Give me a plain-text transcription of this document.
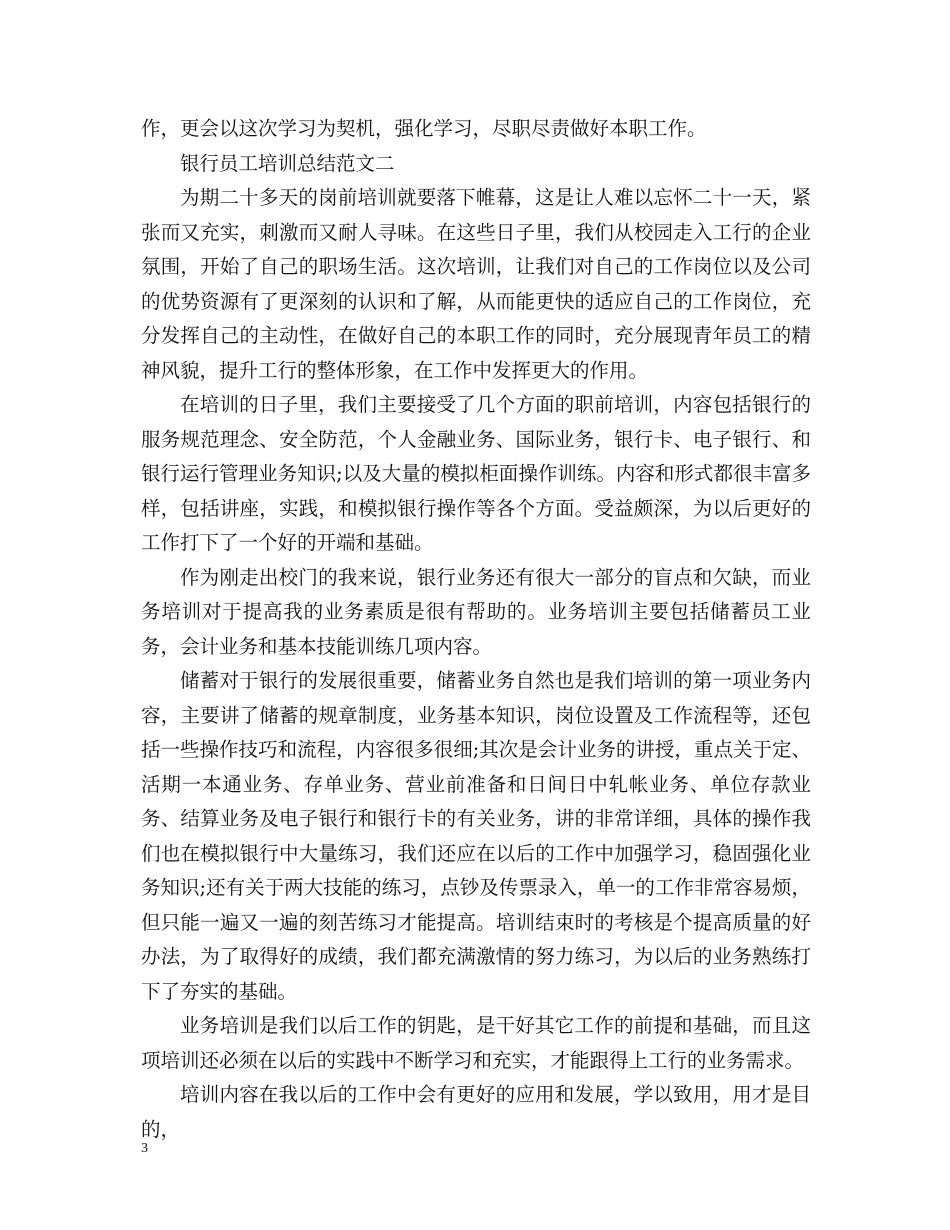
作，更会以这次学习为契机，强化学习，尽职尽责做好本职工作。

银行员工培训总结范文二

为期二十多天的岗前培训就要落下帷幕，这是让人难以忘怀二十一天，紧张而又充实，刺激而又耐人寻味。在这些日子里，我们从校园走入工行的企业氛围，开始了自己的职场生活。这次培训，让我们对自己的工作岗位以及公司的优势资源有了更深刻的认识和了解，从而能更快的适应自己的工作岗位，充分发挥自己的主动性，在做好自己的本职工作的同时，充分展现青年员工的精神风貌，提升工行的整体形象，在工作中发挥更大的作用。

在培训的日子里，我们主要接受了几个方面的职前培训，内容包括银行的服务规范理念、安全防范，个人金融业务、国际业务，银行卡、电子银行、和银行运行管理业务知识;以及大量的模拟柜面操作训练。内容和形式都很丰富多样，包括讲座，实践，和模拟银行操作等各个方面。受益颇深，为以后更好的工作打下了一个好的开端和基础。

作为刚走出校门的我来说，银行业务还有很大一部分的盲点和欠缺，而业务培训对于提高我的业务素质是很有帮助的。业务培训主要包括储蓄员工业务，会计业务和基本技能训练几项内容。

储蓄对于银行的发展很重要，储蓄业务自然也是我们培训的第一项业务内容，主要讲了储蓄的规章制度，业务基本知识，岗位设置及工作流程等，还包括一些操作技巧和流程，内容很多很细;其次是会计业务的讲授，重点关于定、活期一本通业务、存单业务、营业前准备和日间日中轧帐业务、单位存款业务、结算业务及电子银行和银行卡的有关业务，讲的非常详细，具体的操作我们也在模拟银行中大量练习，我们还应在以后的工作中加强学习，稳固强化业务知识;还有关于两大技能的练习，点钞及传票录入，单一的工作非常容易烦，但只能一遍又一遍的刻苦练习才能提高。培训结束时的考核是个提高质量的好办法，为了取得好的成绩，我们都充满激情的努力练习，为以后的业务熟练打下了夯实的基础。

业务培训是我们以后工作的钥匙，是干好其它工作的前提和基础，而且这项培训还必须在以后的实践中不断学习和充实，才能跟得上工行的业务需求。

培训内容在我以后的工作中会有更好的应用和发展，学以致用，用才是目的，

3
